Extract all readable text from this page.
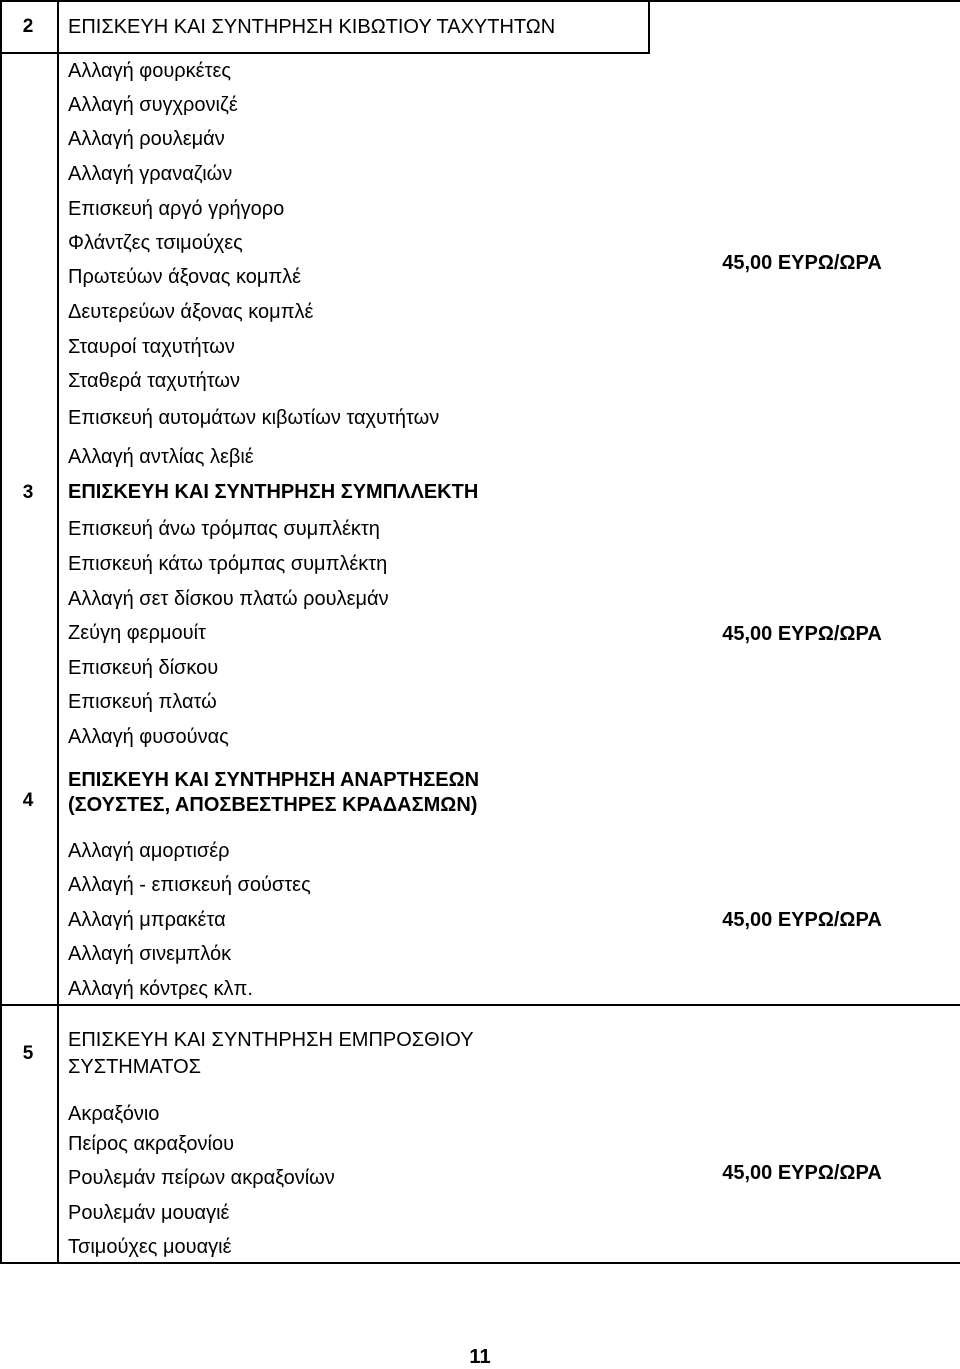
2	ΕΠΙΣΚΕΥΗ ΚΑΙ ΣΥΝΤΗΡΗΣΗ ΚΙΒΩΤΙΟΥ ΤΑΧΥΤΗΤΩΝ
Αλλαγή φουρκέτες
Αλλαγή συγχρονιζέ
Αλλαγή ρουλεμάν
Αλλαγή γραναζιών
Επισκευή αργό γρήγορο
Φλάντζες τσιμούχες
Πρωτεύων άξονας κομπλέ
Δευτερεύων άξονας κομπλέ
Σταυροί ταχυτήτων
Σταθερά ταχυτήτων
Επισκευή αυτομάτων κιβωτίων ταχυτήτων
Αλλαγή αντλίας λεβιέ
45,00 ΕΥΡΩ/ΩΡΑ
3	ΕΠΙΣΚΕΥΗ ΚΑΙ ΣΥΝΤΗΡΗΣΗ ΣΥΜΠΛΛΕΚΤΗ
Επισκευή άνω τρόμπας συμπλέκτη
Επισκευή κάτω τρόμπας συμπλέκτη
Αλλαγή σετ δίσκου πλατώ ρουλεμάν
Ζεύγη φερμουίτ
Επισκευή δίσκου
Επισκευή πλατώ
Αλλαγή φυσούνας
45,00 ΕΥΡΩ/ΩΡΑ
4
ΕΠΙΣΚΕΥΗ ΚΑΙ ΣΥΝΤΗΡΗΣΗ ΑΝΑΡΤΗΣΕΩΝ
(ΣΟΥΣΤΕΣ, ΑΠΟΣΒΕΣΤΗΡΕΣ ΚΡΑΔΑΣΜΩΝ)
Αλλαγή αμορτισέρ
Αλλαγή - επισκευή σούστες
Αλλαγή μπρακέτα
Αλλαγή σινεμπλόκ
Αλλαγή κόντρες κλπ.
45,00 ΕΥΡΩ/ΩΡΑ
5
ΕΠΙΣΚΕΥΗ ΚΑΙ ΣΥΝΤΗΡΗΣΗ ΕΜΠΡΟΣΘΙΟΥ
ΣΥΣΤΗΜΑΤΟΣ
Ακραξόνιο
Πείρος ακραξονίου
Ρουλεμάν πείρων ακραξονίων
Ρουλεμάν μουαγιέ
Τσιμούχες μουαγιέ
45,00 ΕΥΡΩ/ΩΡΑ
11
